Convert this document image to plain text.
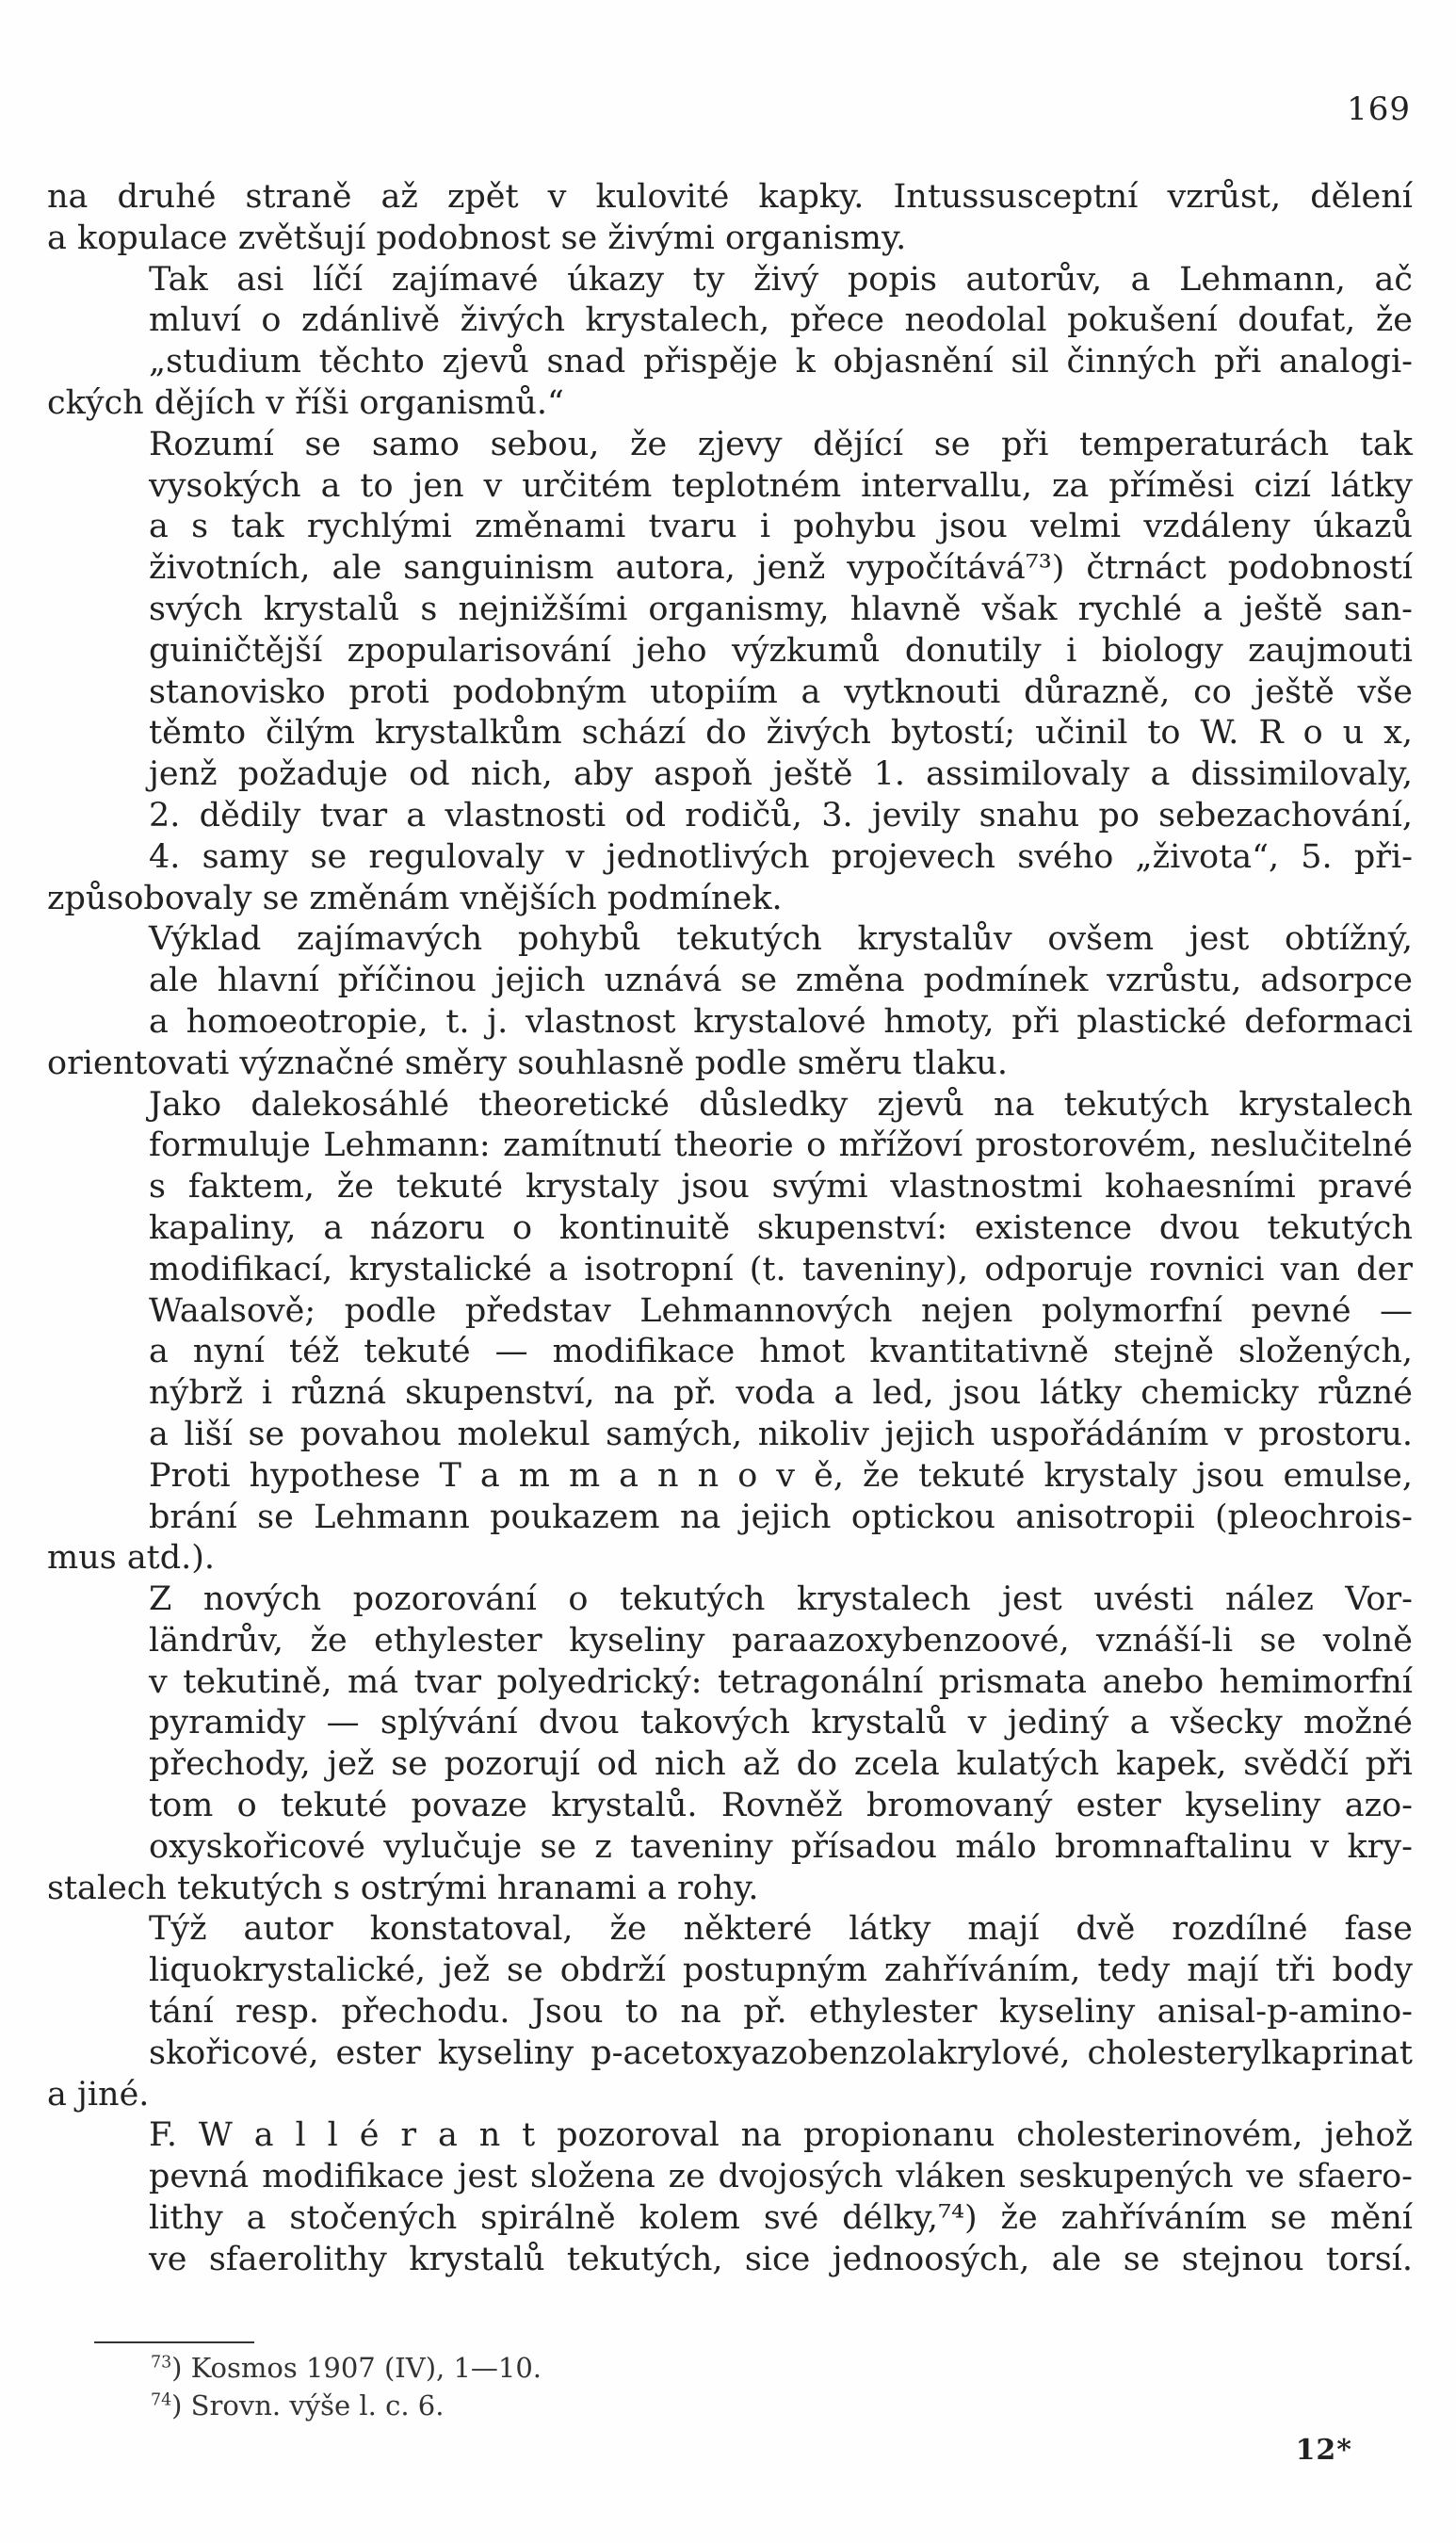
169

na druhé straně až zpět v kulovité kapky. Intussusceptní vzrůst, dělení
a kopulace zvětšují podobnost se živými organismy.

Tak asi líčí zajímavé úkazy ty živý popis autorův, a Lehmann, ač
mluví o zdánlivě živých krystalech, přece neodolal pokušení doufat, že
„studium těchto zjevů snad přispěje k objasnění sil činných při analogi-
ckých dějích v říši organismů.“

Rozumí se samo sebou, že zjevy dějící se při temperaturách tak
vysokých a to jen v určitém teplotném intervallu, za příměsi cizí látky
a s tak rychlými změnami tvaru i pohybu jsou velmi vzdáleny úkazů
životních, ale sanguinism autora, jenž vypočítává⁷³) čtrnáct podobností
svých krystalů s nejnižšími organismy, hlavně však rychlé a ještě san-
guiničtější zpopularisování jeho výzkumů donutily i biology zaujmouti
stanovisko proti podobným utopiím a vytknouti důrazně, co ještě vše
těmto čilým krystalkům schází do živých bytostí; učinil to W. R o u x,
jenž požaduje od nich, aby aspoň ještě 1. assimilovaly a dissimilovaly,
2. dědily tvar a vlastnosti od rodičů, 3. jevily snahu po sebezachování,
4. samy se regulovaly v jednotlivých projevech svého „života“, 5. při-
způsobovaly se změnám vnějších podmínek.

Výklad zajímavých pohybů tekutých krystalův ovšem jest obtížný,
ale hlavní příčinou jejich uznává se změna podmínek vzrůstu, adsorpce
a homoeotropie, t. j. vlastnost krystalové hmoty, při plastické deformaci
orientovati význačné směry souhlasně podle směru tlaku.

Jako dalekosáhlé theoretické důsledky zjevů na tekutých krystalech
formuluje Lehmann: zamítnutí theorie o mřížoví prostorovém, neslučitelné
s faktem, že tekuté krystaly jsou svými vlastnostmi kohaesními pravé
kapaliny, a názoru o kontinuitě skupenství: existence dvou tekutých
modifikací, krystalické a isotropní (t. taveniny), odporuje rovnici van der
Waalsově; podle představ Lehmannových nejen polymorfní pevné —
a nyní též tekuté — modifikace hmot kvantitativně stejně složených,
nýbrž i různá skupenství, na př. voda a led, jsou látky chemicky různé
a liší se povahou molekul samých, nikoliv jejich uspořádáním v prostoru.
Proti hypothese T a m m a n n o v ě, že tekuté krystaly jsou emulse,
brání se Lehmann poukazem na jejich optickou anisotropii (pleochrois-
mus atd.).

Z nových pozorování o tekutých krystalech jest uvésti nález Vor-
ländrův, že ethylester kyseliny paraazoxybenzoové, vznáší-li se volně
v tekutině, má tvar polyedrický: tetragonální prismata anebo hemimorfní
pyramidy — splývání dvou takových krystalů v jediný a všecky možné
přechody, jež se pozorují od nich až do zcela kulatých kapek, svědčí při
tom o tekuté povaze krystalů. Rovněž bromovaný ester kyseliny azo-
oxyskořicové vylučuje se z taveniny přísadou málo bromnaftalinu v kry-
stalech tekutých s ostrými hranami a rohy.

Týž autor konstatoval, že některé látky mají dvě rozdílné fase
liquokrystalické, jež se obdrží postupným zahříváním, tedy mají tři body
tání resp. přechodu. Jsou to na př. ethylester kyseliny anisal-p-amino-
skořicové, ester kyseliny p-acetoxyazobenzolakrylové, cholesterylkaprinat
a jiné.

F. W a l l é r a n t pozoroval na propionanu cholesterinovém, jehož
pevná modifikace jest složena ze dvojosých vláken seskupených ve sfaero-
lithy a stočených spirálně kolem své délky,⁷⁴) že zahříváním se mění
ve sfaerolithy krystalů tekutých, sice jednoosých, ale se stejnou torsí.

$^{73}$) Kosmos 1907 (IV), 1—10.
$^{74}$) Srovn. výše l. c. 6.
12*
